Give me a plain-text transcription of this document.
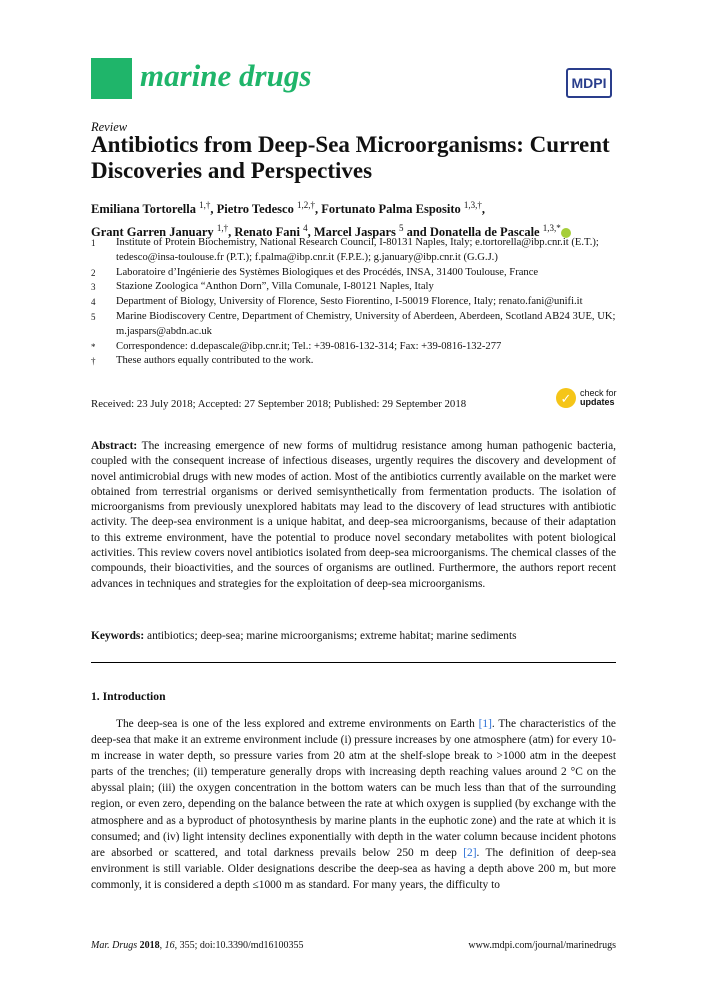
marine drugs	MDPI
Review
Antibiotics from Deep-Sea Microorganisms: Current Discoveries and Perspectives
Emiliana Tortorella $^{1,\dagger}$, Pietro Tedesco $^{1,2,\dagger}$, Fortunato Palma Esposito $^{1,3,\dagger}$,
Grant Garren January $^{1,\dagger}$, Renato Fani $^4$, Marcel Jaspars $^5$ and Donatella de Pascale $^{1,3,*}$
1	Institute of Protein Biochemistry, National Research Council, I-80131 Naples, Italy; e.tortorella@ibp.cnr.it (E.T.); tedesco@insa-toulouse.fr (P.T.); f.palma@ibp.cnr.it (F.P.E.); g.january@ibp.cnr.it (G.G.J.)
2	Laboratoire d’Ingénierie des Systèmes Biologiques et des Procédés, INSA, 31400 Toulouse, France
3	Stazione Zoologica “Anthon Dorn”, Villa Comunale, I-80121 Naples, Italy
4	Department of Biology, University of Florence, Sesto Fiorentino, I-50019 Florence, Italy; renato.fani@unifi.it
5	Marine Biodiscovery Centre, Department of Chemistry, University of Aberdeen, Aberdeen, Scotland AB24 3UE, UK; m.jaspars@abdn.ac.uk
*	Correspondence: d.depascale@ibp.cnr.it; Tel.: +39-0816-132-314; Fax: +39-0816-132-277
†	These authors equally contributed to the work.
Received: 23 July 2018; Accepted: 27 September 2018; Published: 29 September 2018	✓ check for
updates
Abstract: The increasing emergence of new forms of multidrug resistance among human pathogenic bacteria, coupled with the consequent increase of infectious diseases, urgently requires the discovery and development of novel antimicrobial drugs with new modes of action. Most of the antibiotics currently available on the market were obtained from terrestrial organisms or derived semisynthetically from fermentation products. The isolation of microorganisms from previously unexplored habitats may lead to the discovery of lead structures with antibiotic activity. The deep-sea environment is a unique habitat, and deep-sea microorganisms, because of their adaptation to this extreme environment, have the potential to produce novel secondary metabolites with potent biological activities. This review covers novel antibiotics isolated from deep-sea microorganisms. The chemical classes of the compounds, their bioactivities, and the sources of organisms are outlined. Furthermore, the authors report recent advances in techniques and strategies for the exploitation of deep-sea microorganisms.
Keywords: antibiotics; deep-sea; marine microorganisms; extreme habitat; marine sediments
1. Introduction
The deep-sea is one of the less explored and extreme environments on Earth [1]. The characteristics of the deep-sea that make it an extreme environment include (i) pressure increases by one atmosphere (atm) for every 10-m increase in water depth, so pressure varies from 20 atm at the shelf-slope break to >1000 atm in the deepest parts of the trenches; (ii) temperature generally drops with increasing depth reaching values around 2 °C on the abyssal plain; (iii) the oxygen concentration in the bottom waters can be much less than that of the surrounding region, or even zero, depending on the balance between the rate at which oxygen is supplied (by exchange with the atmosphere and as a byproduct of photosynthesis by marine plants in the euphotic zone) and the rate at which it is consumed; and (iv) light intensity declines exponentially with depth in the water column because incident photons are absorbed or scattered, and total darkness prevails below 250 m deep [2]. The definition of deep-sea environment is still variable. Older designations describe the deep-sea as having a depth above 200 m, but more commonly, it is considered a depth ≤1000 m as standard. For many years, the difficulty to
Mar. Drugs 2018, 16, 355; doi:10.3390/md16100355	www.mdpi.com/journal/marinedrugs
